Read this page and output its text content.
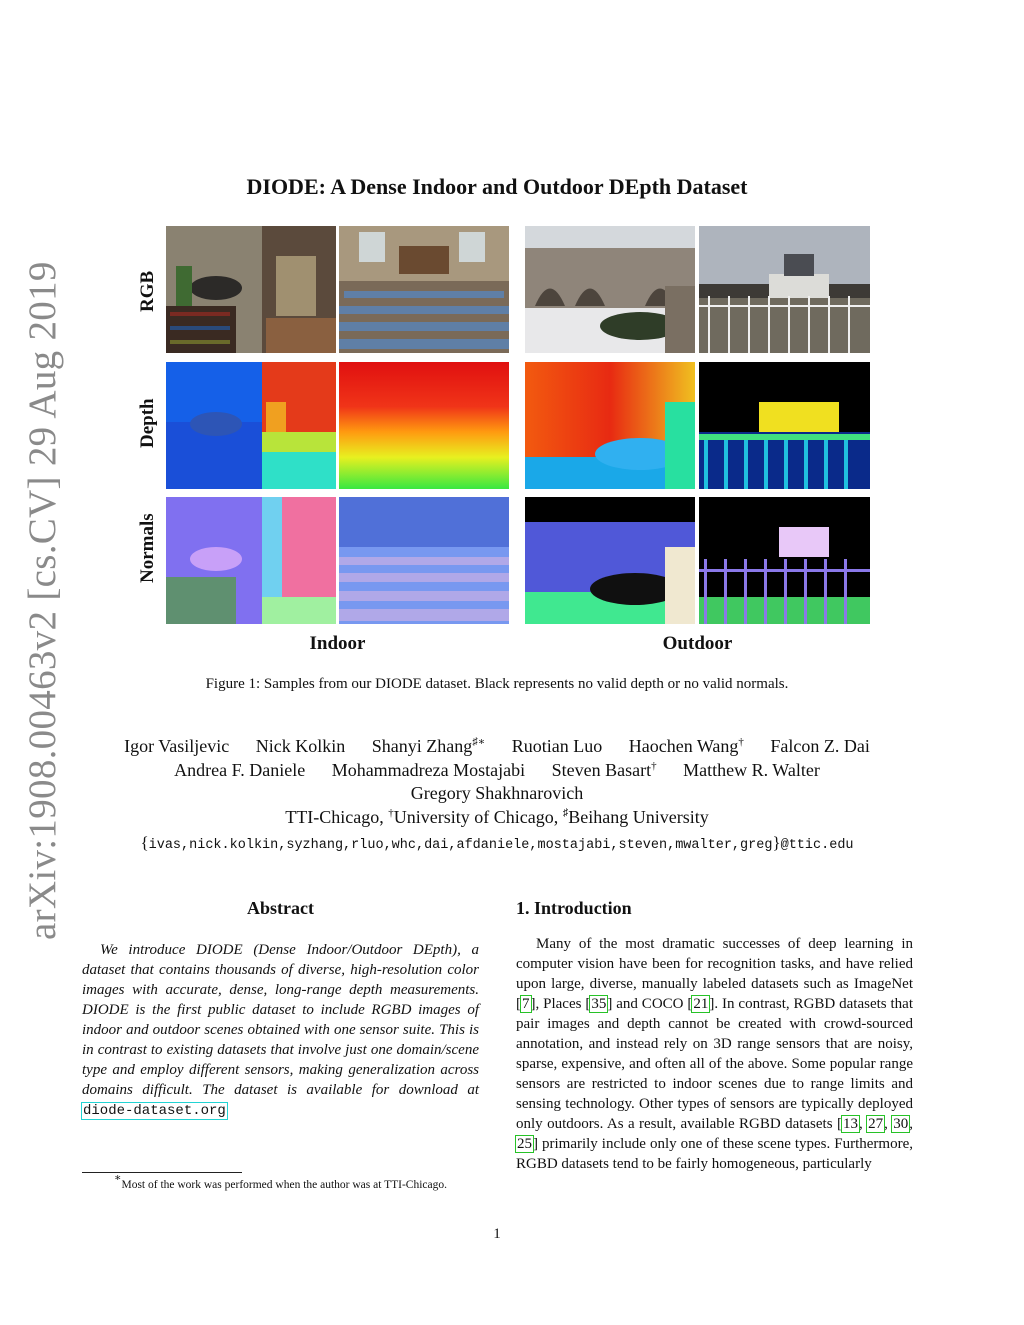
arXiv:1908.00463v2 [cs.CV] 29 Aug 2019
DIODE: A Dense Indoor and Outdoor DEpth Dataset
RGB
Depth
Normals
Indoor	Outdoor
Figure 1: Samples from our DIODE dataset. Black represents no valid depth or no valid normals.
Igor Vasiljevic Nick Kolkin Shanyi Zhang♯∗ Ruotian Luo Haochen Wang† Falcon Z. Dai
Andrea F. Daniele Mohammadreza Mostajabi Steven Basart† Matthew R. Walter
Gregory Shakhnarovich
TTI-Chicago, †University of Chicago, ♯Beihang University
{ivas,nick.kolkin,syzhang,rluo,whc,dai,afdaniele,mostajabi,steven,mwalter,greg}@ttic.edu
Abstract
We introduce DIODE (Dense Indoor/Outdoor DEpth), a dataset that contains thousands of diverse, high-resolution color images with accurate, dense, long-range depth measurements. DIODE is the first public dataset to include RGBD images of indoor and outdoor scenes obtained with one sensor suite. This is in contrast to existing datasets that involve just one domain/scene type and employ different sensors, making generalization across domains difficult. The dataset is available for download at diode-dataset.org
∗Most of the work was performed when the author was at TTI-Chicago.
1. Introduction
Many of the most dramatic successes of deep learning in computer vision have been for recognition tasks, and have relied upon large, diverse, manually labeled datasets such as ImageNet [7], Places [35] and COCO [21]. In contrast, RGBD datasets that pair images and depth cannot be created with crowd-sourced annotation, and instead rely on 3D range sensors that are noisy, sparse, expensive, and often all of the above. Some popular range sensors are restricted to indoor scenes due to range limits and sensing technology. Other types of sensors are typically deployed only outdoors. As a result, available RGBD datasets [13, 27, 30, 25] primarily include only one of these scene types. Furthermore, RGBD datasets tend to be fairly homogeneous, particularly
1
